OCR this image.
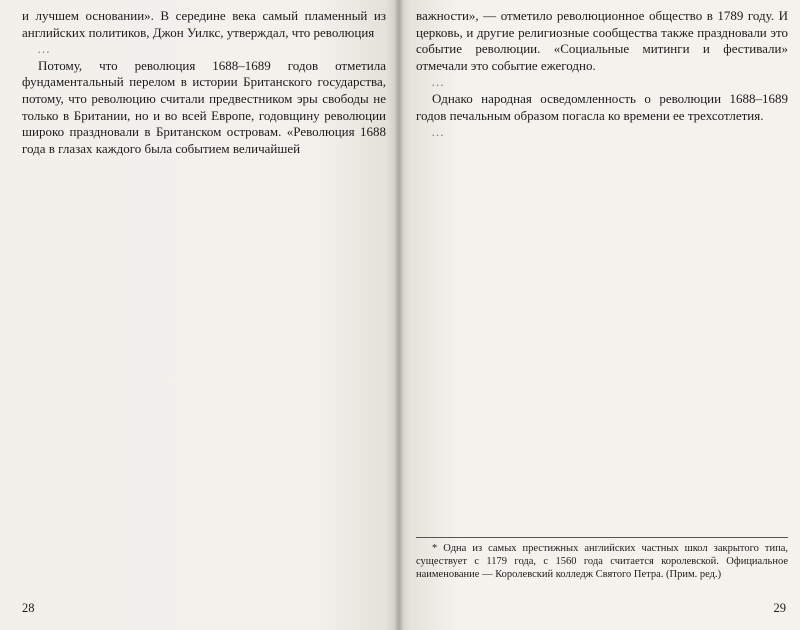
и лучшем основании». В середине века самый пламенный из английских политиков, Джон Уилкс, утверждал, что революция

…

Потому, что революция 1688–1689 годов отметила фундаментальный перелом в истории Британского государства, потому, что революцию считали предвестником эры свободы не только в Британии, но и во всей Европе, годовщину революции широко праздновали в Британском островам. «Революция 1688 года в глазах каждого была событием величайшей

28

важности», — отметило революционное общество в 1789 году. И церковь, и другие религиозные сообщества также праздновали это событие революции. «Социальные митинги и фестивали» отмечали это событие ежегодно.

…

Однако народная осведомленность о революции 1688–1689 годов печальным образом погасла ко времени ее трехсотлетия.

…

* Одна из самых престижных английских частных школ закрытого типа, существует с 1179 года, с 1560 года считается королевской. Официальное наименование — Королевский колледж Святого Петра. (Прим. ред.)

29
